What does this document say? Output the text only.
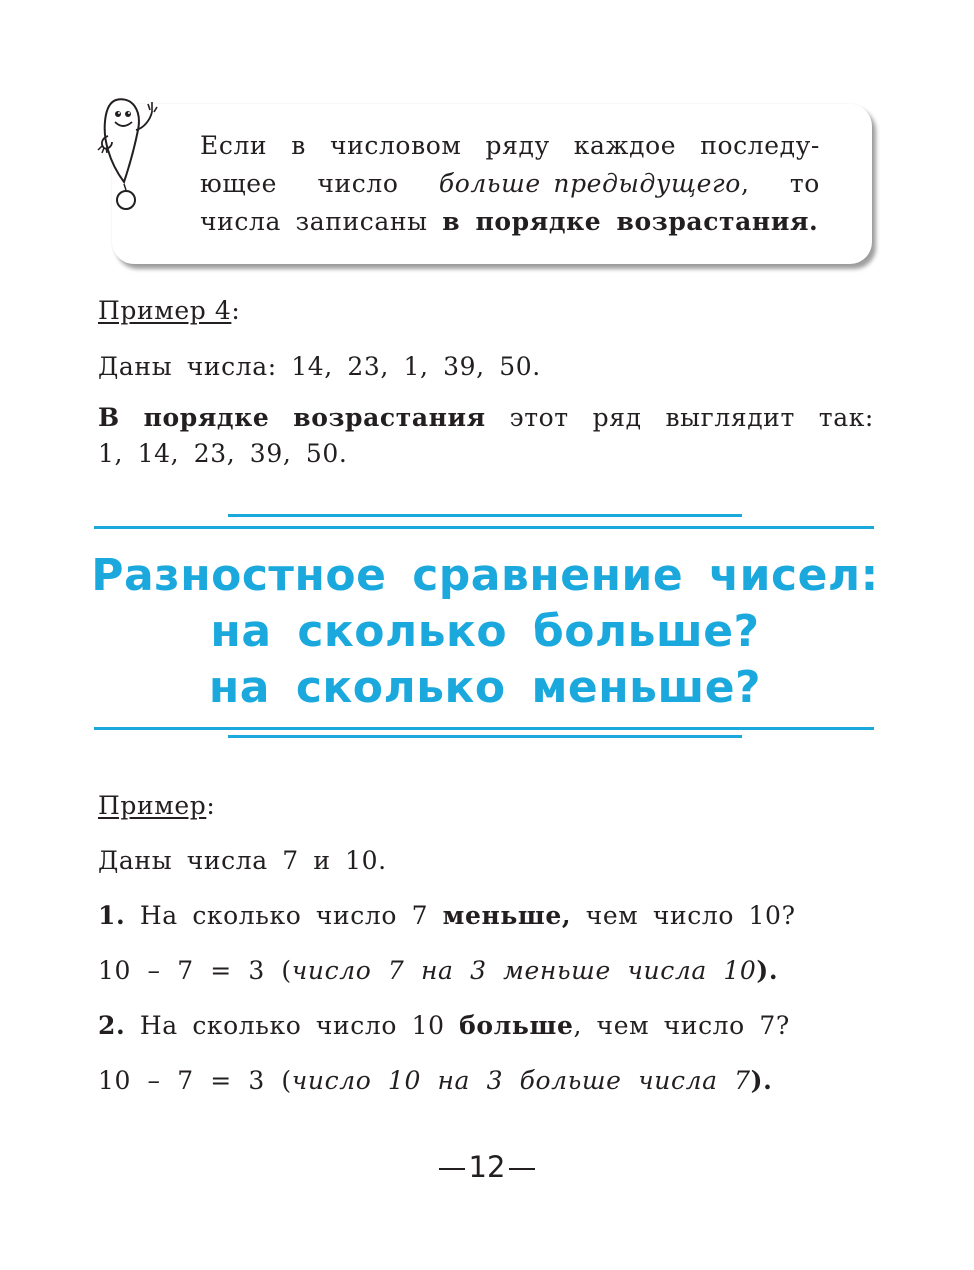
Если в числовом ряду каждое последу-
ющее число больше предыдущего, то
числа записаны в порядке возрастания .
Пример 4:
Даны числа: 14, 23, 1, 39, 50.
В порядке возрастания этот ряд выглядит так:
1, 14, 23, 39, 50.
Разностное сравнение чисел:
на сколько больше?
на сколько меньше?
Пример:
Даны числа 7 и 10.
1. На сколько число 7 меньше, чем число 10?
10 – 7 = 3 (число 7 на 3 меньше числа 10).
2. На сколько число 10 больше, чем число 7?
10 – 7 = 3 (число 10 на 3 больше числа 7).
12
